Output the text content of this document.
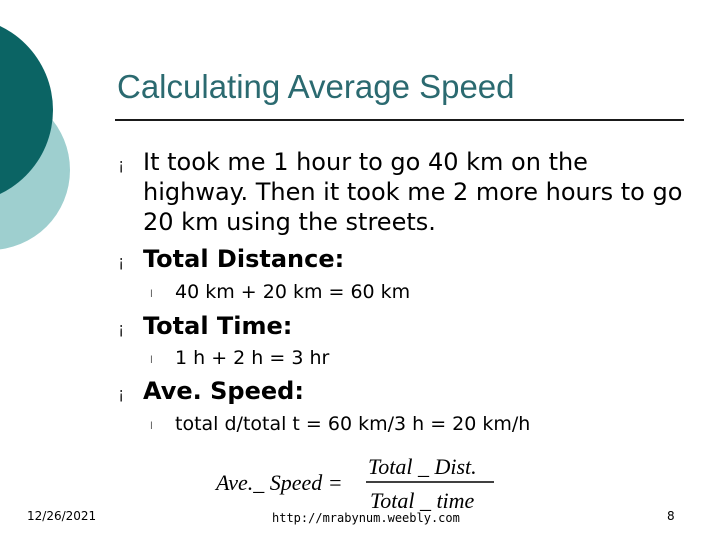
Calculating Average Speed
¡ It took me 1 hour to go 40 km on the highway. Then it took me 2 more hours to go 20 km using the streets.
¡ Total Distance:
l 40 km + 20 km = 60 km
¡ Total Time:
l 1 h + 2 h = 3 hr
¡ Ave. Speed:
l total d/total t = 60 km/3 h = 20 km/h
Ave._ Speed =
Total _ Dist.
Total _ time
12/26/2021	http://mrabynum.weebly.com	8
